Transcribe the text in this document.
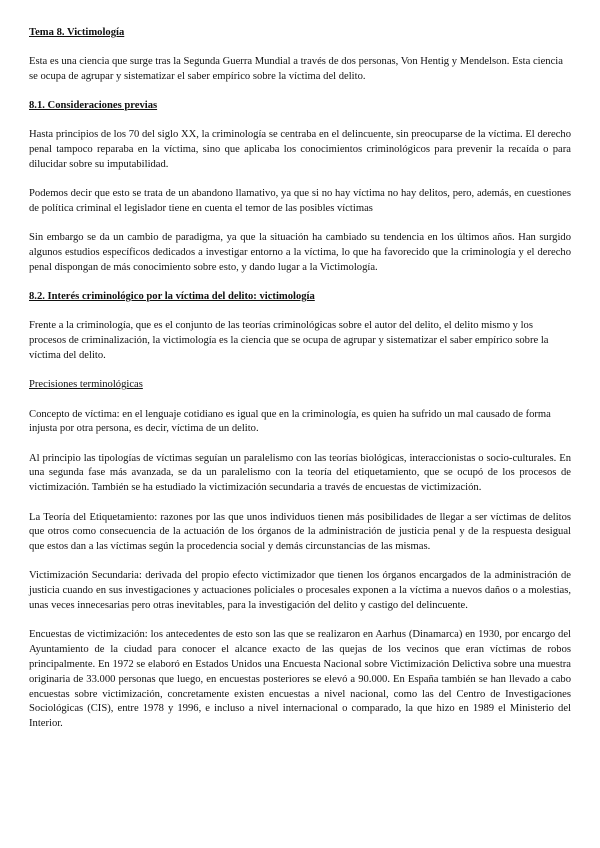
Tema 8. Victimología

Esta es una ciencia que surge tras la Segunda Guerra Mundial a través de dos personas, Von Hentig y Mendelson. Esta ciencia se ocupa de agrupar y sistematizar el saber empírico sobre la víctima del delito.

8.1. Consideraciones previas

Hasta principios de los 70 del siglo XX, la criminología se centraba en el delincuente, sin preocuparse de la víctima. El derecho penal tampoco reparaba en la víctima, sino que aplicaba los conocimientos criminológicos para prevenir la recaída o para dilucidar sobre su imputabilidad.

Podemos decir que esto se trata de un abandono llamativo, ya que si no hay víctima no hay delitos, pero, además, en cuestiones de política criminal el legislador tiene en cuenta el temor de las posibles víctimas

Sin embargo se da un cambio de paradigma, ya que la situación ha cambiado su tendencia en los últimos años. Han surgido algunos estudios específicos dedicados a investigar entorno a la víctima, lo que ha favorecido que la criminología y el derecho penal dispongan de más conocimiento sobre esto, y dando lugar a la Victimología.

8.2. Interés criminológico por la víctima del delito: victimología

Frente a la criminología, que es el conjunto de las teorías criminológicas sobre el autor del delito, el delito mismo y los procesos de criminalización, la victimología es la ciencia que se ocupa de agrupar y sistematizar el saber empírico sobre la víctima del delito.

Precisiones terminológicas

Concepto de víctima: en el lenguaje cotidiano es igual que en la criminología, es quien ha sufrido un mal causado de forma injusta por otra persona, es decir, víctima de un delito.

Al principio las tipologías de víctimas seguían un paralelismo con las teorías biológicas, interaccionistas o socio-culturales. En una segunda fase más avanzada, se da un paralelismo con la teoría del etiquetamiento, que se ocupó de los procesos de victimización. También se ha estudiado la victimización secundaria a través de encuestas de victimización.

La Teoría del Etiquetamiento: razones por las que unos individuos tienen más posibilidades de llegar a ser víctimas de delitos que otros como consecuencia de la actuación de los órganos de la administración de justicia penal y de la respuesta desigual que estos dan a las víctimas según la procedencia social y demás circunstancias de las mismas.

Victimización Secundaria: derivada del propio efecto victimizador que tienen los órganos encargados de la administración de justicia cuando en sus investigaciones y actuaciones policiales o procesales exponen a la víctima a nuevos daños o a molestias, unas veces innecesarias pero otras inevitables, para la investigación del delito y castigo del delincuente.

Encuestas de victimización: los antecedentes de esto son las que se realizaron en Aarhus (Dinamarca) en 1930, por encargo del Ayuntamiento de la ciudad para conocer el alcance exacto de las quejas de los vecinos que eran víctimas de robos principalmente. En 1972 se elaboró en Estados Unidos una Encuesta Nacional sobre Victimización Delictiva sobre una muestra originaria de 33.000 personas que luego, en encuestas posteriores se elevó a 90.000. En España también se han llevado a cabo encuestas sobre victimización, concretamente existen encuestas a nivel nacional, como las del Centro de Investigaciones Sociológicas (CIS), entre 1978 y 1996, e incluso a nivel internacional o comparado, la que hizo en 1989 el Ministerio del Interior.
